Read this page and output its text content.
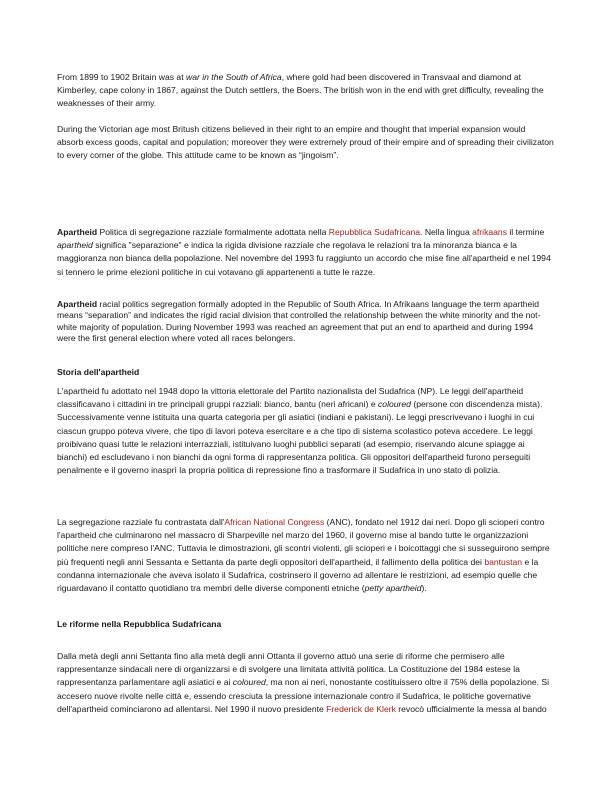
From 1899 to 1902 Britain was at war in the South of Africa, where gold had been discovered in Transvaal and diamond at Kimberley, cape colony in 1867, against the Dutch settlers, the Boers. The british won in the end with gret difficulty, revealing the weaknesses of their army.

During the Victorian age most Britush citizens believed in their right to an empire and thought that imperial expansion would absorb excess goods, capital and population; moreover they were extremely proud of their empire and of spreading their civilizaton to every corner of the globe. This attitude came to be known as “jingoism”.

Apartheid Politica di segregazione razziale formalmente adottata nella Repubblica Sudafricana. Nella lingua afrikaans il termine apartheid significa "separazione" e indica la rigida divisione razziale che regolava le relazioni tra la minoranza bianca e la maggioranza non bianca della popolazione. Nel novembre del 1993 fu raggiunto un accordo che mise fine all'apartheid e nel 1994 si tennero le prime elezioni politiche in cui votavano gli appartenenti a tutte le razze.

Apartheid racial politics segregation formally adopted in the Republic of South Africa. In Afrikaans language the term apartheid means “separation” and indicates the rigid racial division that controlled the relationship between the white minority and the not-white majority of population. During November 1993 was reached an agreement that put an end to apartheid and during 1994 were the first general election where voted all races belongers.

Storia dell'apartheid

L'apartheid fu adottato nel 1948 dopo la vittoria elettorale del Partito nazionalista del Sudafrica (NP). Le leggi dell'apartheid classificavano i cittadini in tre principali gruppi razziali: bianco, bantu (neri africani) e coloured (persone con discendenza mista). Successivamente venne istituita una quarta categoria per gli asiatici (indiani e pakistani). Le leggi prescrivevano i luoghi in cui ciascun gruppo poteva vivere, che tipo di lavori poteva esercitare e a che tipo di sistema scolastico poteva accedere. Le leggi proibivano quasi tutte le relazioni interrazziali, istituivano luoghi pubblici separati (ad esempio, riservando alcune spiagge ai bianchi) ed escludevano i non bianchi da ogni forma di rappresentanza politica. Gli oppositori dell'apartheid furono perseguiti penalmente e il governo inasprì la propria politica di repressione fino a trasformare il Sudafrica in uno stato di polizia.

La segregazione razziale fu contrastata dall'African National Congress (ANC), fondato nel 1912 dai neri. Dopo gli scioperi contro l'apartheid che culminarono nel massacro di Sharpeville nel marzo del 1960, il governo mise al bando tutte le organizzazioni politiche nere compreso l'ANC. Tuttavia le dimostrazioni, gli scontri violenti, gli scioperi e i boicottaggi che si susseguirono sempre più frequenti negli anni Sessanta e Settanta da parte degli oppositori dell'apartheid, il fallimento della politica dei bantustan e la condanna internazionale che aveva isolato il Sudafrica, costrinsero il governo ad allentare le restrizioni, ad esempio quelle che riguardavano il contatto quotidiano tra membri delle diverse componenti etniche (petty apartheid).

Le riforme nella Repubblica Sudafricana

Dalla metà degli anni Settanta fino alla metà degli anni Ottanta il governo attuò una serie di riforme che permisero alle rappresentanze sindacali nere di organizzarsi e di svolgere una limitata attività politica. La Costituzione del 1984 estese la rappresentanza parlamentare agli asiatici e ai coloured, ma non ai neri, nonostante costituissero oltre il 75% della popolazione. Si accesero nuove rivolte nelle città e, essendo cresciuta la pressione internazionale contro il Sudafrica, le politiche governative dell'apartheid cominciarono ad allentarsi. Nel 1990 il nuovo presidente Frederick de Klerk revocò ufficialmente la messa al bando
